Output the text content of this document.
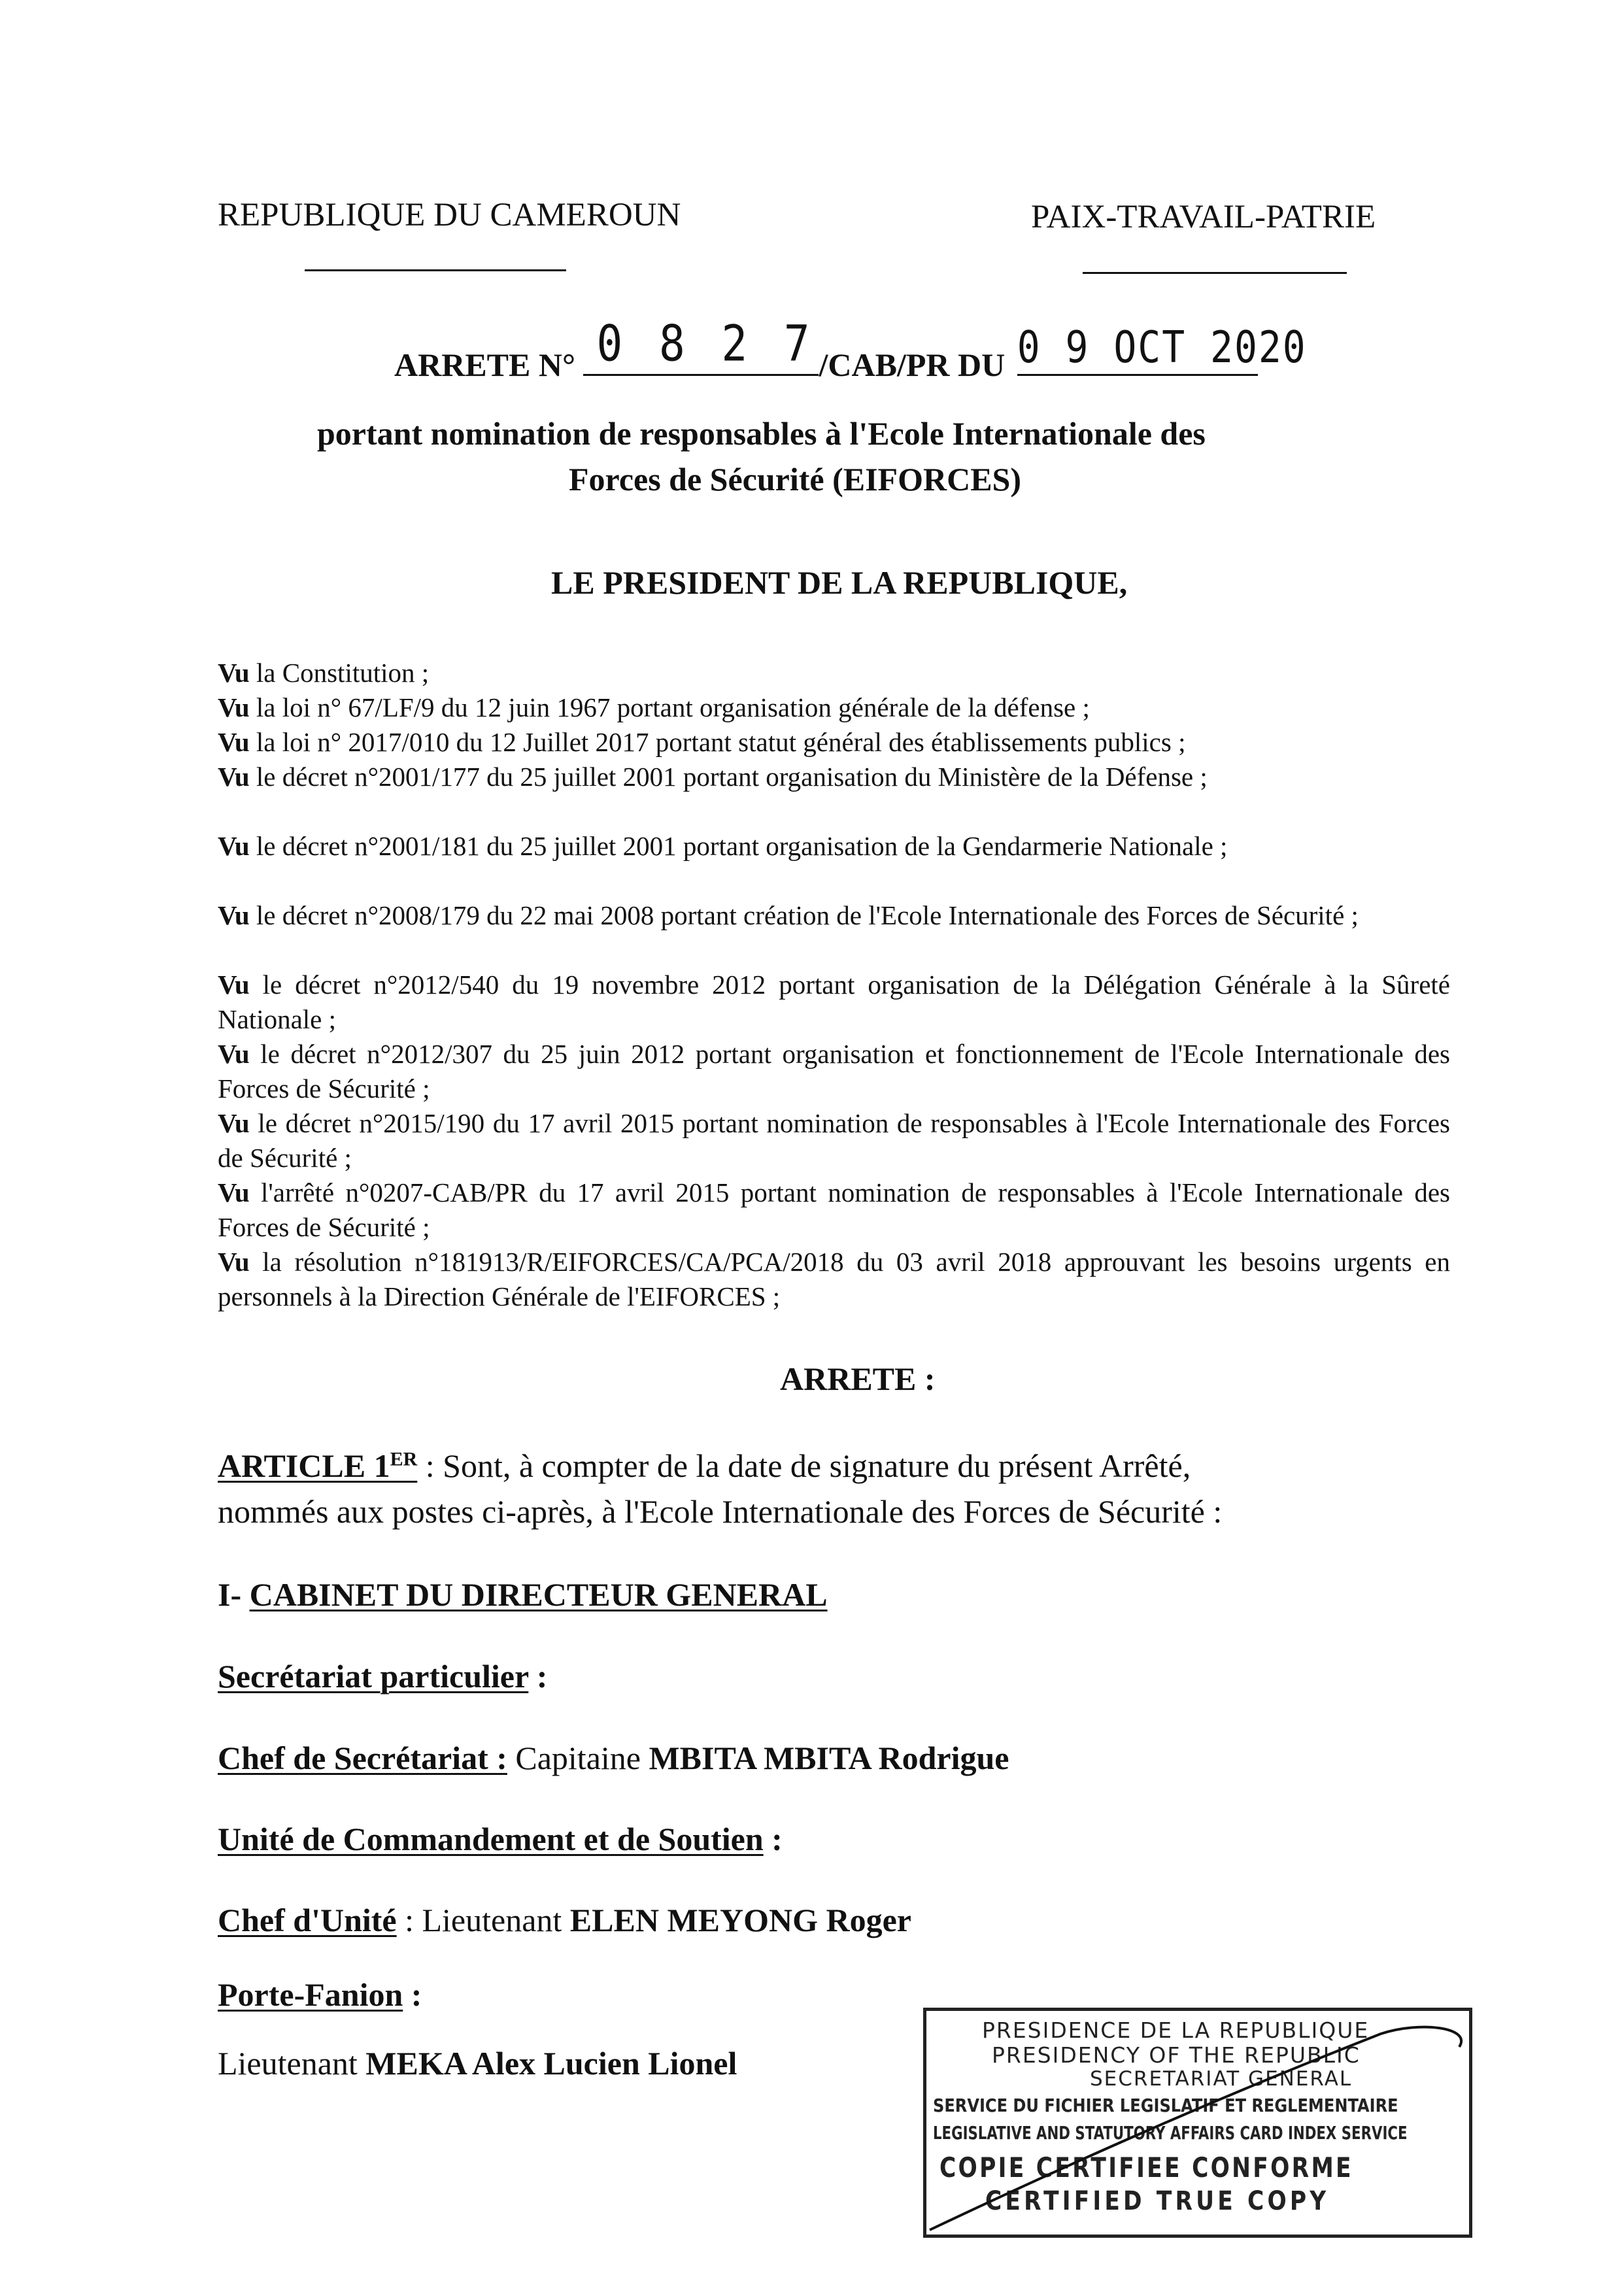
REPUBLIQUE DU CAMEROUN	PAIX-TRAVAIL-PATRIE
ARRETE N° 0 8 2 7 /CAB/PR DU 0 9 OCT 2020
portant nomination de responsables à l'Ecole Internationale des
Forces de Sécurité (EIFORCES)
LE PRESIDENT DE LA REPUBLIQUE,
Vu la Constitution ;
Vu la loi n° 67/LF/9 du 12 juin 1967 portant organisation générale de la défense ;
Vu la loi n° 2017/010 du 12 Juillet 2017 portant statut général des établissements publics ;
Vu le décret n°2001/177 du 25 juillet 2001 portant organisation du Ministère de la Défense ;
Vu le décret n°2001/181 du 25 juillet 2001 portant organisation de la Gendarmerie Nationale ;
Vu le décret n°2008/179 du 22 mai 2008 portant création de l'Ecole Internationale des Forces de Sécurité ;
Vu le décret n°2012/540 du 19 novembre 2012 portant organisation de la Délégation Générale à la Sûreté Nationale ;
Vu le décret n°2012/307 du 25 juin 2012 portant organisation et fonctionnement de l'Ecole Internationale des Forces de Sécurité ;
Vu le décret n°2015/190 du 17 avril 2015 portant nomination de responsables à l'Ecole Internationale des Forces de Sécurité ;
Vu l'arrêté n°0207-CAB/PR du 17 avril 2015 portant nomination de responsables à l'Ecole Internationale des Forces de Sécurité ;
Vu la résolution n°181913/R/EIFORCES/CA/PCA/2018 du 03 avril 2018 approuvant les besoins urgents en personnels à la Direction Générale de l'EIFORCES ;
ARRETE :
ARTICLE 1ER : Sont, à compter de la date de signature du présent Arrêté,
nommés aux postes ci-après, à l'Ecole Internationale des Forces de Sécurité :
I- CABINET DU DIRECTEUR GENERAL
Secrétariat particulier :
Chef de Secrétariat : Capitaine MBITA MBITA Rodrigue
Unité de Commandement et de Soutien :
Chef d'Unité : Lieutenant ELEN MEYONG Roger
Porte-Fanion :
Lieutenant MEKA Alex Lucien Lionel
PRESIDENCE DE LA REPUBLIQUE
PRESIDENCY OF THE REPUBLIC
SECRETARIAT GENERAL
SERVICE DU FICHIER LEGISLATIF ET REGLEMENTAIRE
LEGISLATIVE AND STATUTORY AFFAIRS CARD INDEX SERVICE
COPIE CERTIFIEE CONFORME
CERTIFIED TRUE COPY
